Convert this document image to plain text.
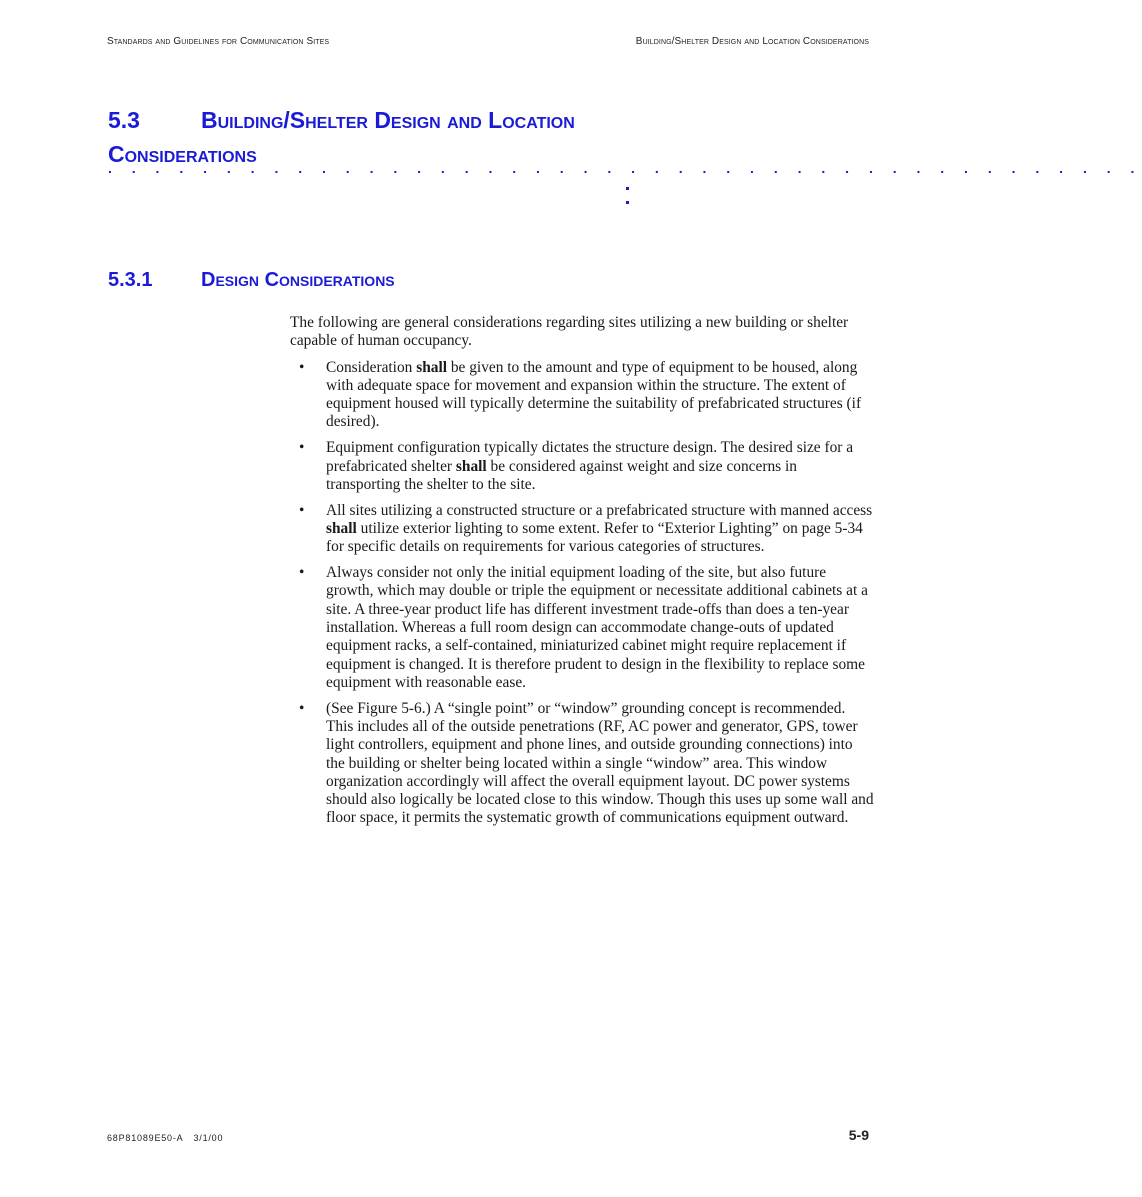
Standards and Guidelines for Communication Sites	Building/Shelter Design and Location Considerations
5.3	Building/Shelter Design and Location
Considerations
. . . . . . . . . . . . . . . . . . . . . . . . . . . . . . . . . . . . . . . . . . . .
5.3.1 Design Considerations

The following are general considerations regarding sites utilizing a new building or shelter capable of human occupancy.

• Consideration shall be given to the amount and type of equipment to be housed, along with adequate space for movement and expansion within the structure. The extent of equipment housed will typically determine the suitability of prefabricated structures (if desired).
• Equipment configuration typically dictates the structure design. The desired size for a prefabricated shelter shall be considered against weight and size concerns in transporting the shelter to the site.
• All sites utilizing a constructed structure or a prefabricated structure with manned access shall utilize exterior lighting to some extent. Refer to “Exterior Lighting” on page 5-34 for specific details on requirements for various categories of structures.
• Always consider not only the initial equipment loading of the site, but also future growth, which may double or triple the equipment or necessitate additional cabinets at a site. A three-year product life has different investment trade-offs than does a ten-year installation. Whereas a full room design can accommodate change-outs of updated equipment racks, a self-contained, miniaturized cabinet might require replacement if equipment is changed. It is therefore prudent to design in the flexibility to replace some equipment with reasonable ease.
• (See Figure 5-6.) A “single point” or “window” grounding concept is recommended. This includes all of the outside penetrations (RF, AC power and generator, GPS, tower light controllers, equipment and phone lines, and outside grounding connections) into the building or shelter being located within a single “window” area. This window organization accordingly will affect the overall equipment layout. DC power systems should also logically be located close to this window. Though this uses up some wall and floor space, it permits the systematic growth of communications equipment outward.
68P81089E50-A 3/1/00	5-9
